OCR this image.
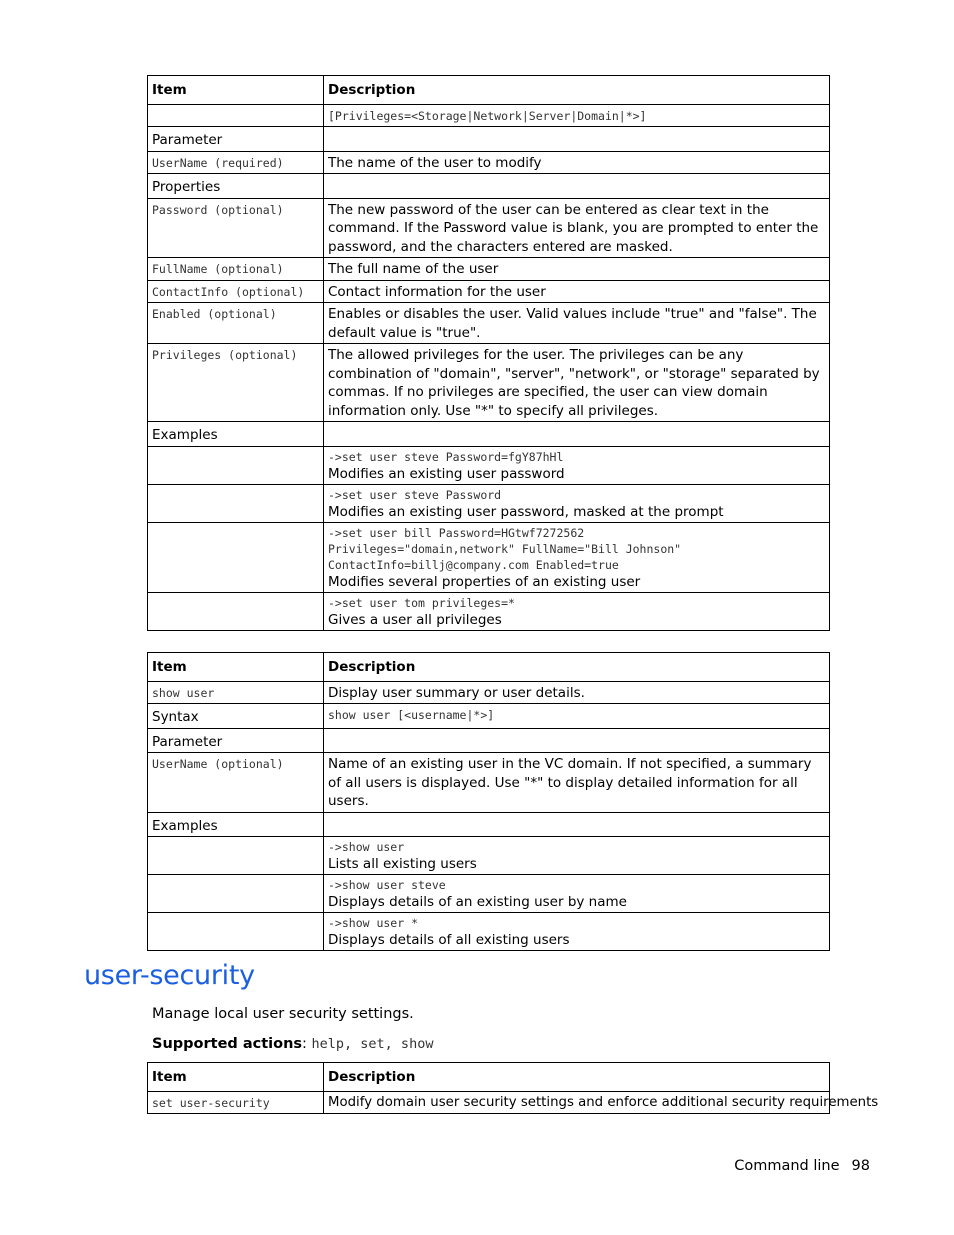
Item	Description
	[Privileges=<Storage|Network|Server|Domain|*>]
Parameter	
UserName (required)	The name of the user to modify
Properties	
Password (optional)	The new password of the user can be entered as clear text in the command. If the Password value is blank, you are prompted to enter the password, and the characters entered are masked.
FullName (optional)	The full name of the user
ContactInfo (optional)	Contact information for the user
Enabled (optional)	Enables or disables the user. Valid values include "true" and "false". The default value is "true".
Privileges (optional)	The allowed privileges for the user. The privileges can be any combination of "domain", "server", "network", or "storage" separated by commas. If no privileges are specified, the user can view domain information only. Use "*" to specify all privileges.
Examples	

	->set user steve Password=fgY87hHl
Modifies an existing user password

	->set user steve Password
Modifies an existing user password, masked at the prompt

	->set user bill Password=HGtwf7272562
Privileges="domain,network" FullName="Bill Johnson"
ContactInfo=billj@company.com Enabled=true
Modifies several properties of an existing user

	->set user tom privileges=*
Gives a user all privileges
Item	Description
show user	Display user summary or user details.
Syntax	show user [<username|*>]
Parameter	
UserName (optional)	Name of an existing user in the VC domain. If not specified, a summary of all users is displayed. Use "*" to display detailed information for all users.
Examples	

	->show user
Lists all existing users

	->show user steve
Displays details of an existing user by name

	->show user *
Displays details of all existing users
user-security
Manage local user security settings.
Supported actions: help, set, show
Item	Description
set user-security	Modify domain user security settings and enforce additional security requirements
Command line 98
